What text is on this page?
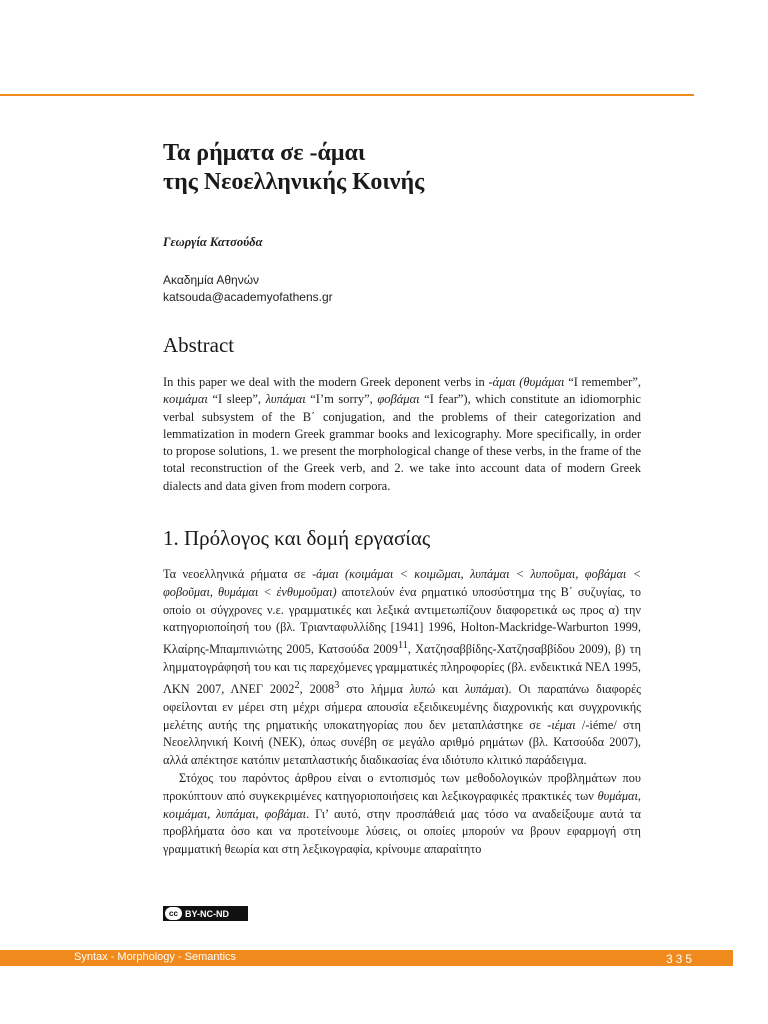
Τα ρήματα σε -άμαι
της Νεοελληνικής Κοινής
Γεωργία Κατσούδα
Ακαδημία Αθηνών
katsouda@academyofathens.gr
Abstract
In this paper we deal with the modern Greek deponent verbs in -άμαι (θυμάμαι “I remember”, κοιμάμαι “I sleep”, λυπάμαι “I’m sorry”, φοβάμαι “I fear”), which constitute an idiomorphic verbal subsystem of the B΄ conjugation, and the problems of their categorization and lemmatization in modern Greek grammar books and lexicography. More specifically, in order to propose solutions, 1. we present the morphological change of these verbs, in the frame of the total reconstruction of the Greek verb, and 2. we take into account data of modern Greek dialects and data given from modern corpora.
1. Πρόλογος και δομή εργασίας

Τα νεοελληνικά ρήματα σε -άμαι (κοιμάμαι < κοιμῶμαι, λυπάμαι < λυποῦμαι, φοβάμαι < φοβοῦμαι, θυμάμαι < ἐνθυμοῦμαι) αποτελούν ένα ρηματικό υποσύστημα της Β΄ συζυγίας, το οποίο οι σύγχρονες ν.ε. γραμματικές και λεξικά αντιμετωπίζουν διαφορετικά ως προς α) την κατηγοριοποίησή του (βλ. Τριανταφυλλίδης [1941] 1996, Holton-Mackridge-Warburton 1999, Κλαίρης-Μπαμπινιώτης 2005, Κατσούδα 2009$^{11}$, Χατζησαββίδης-Χατζησαββίδου 2009), β) τη λημματογράφησή του και τις παρεχόμενες γραμματικές πληροφορίες (βλ. ενδεικτικά ΝΕΛ 1995, ΛΚΝ 2007, ΛΝΕΓ 2002$^2$, 2008$^3$ στο λήμμα λυπώ και λυπάμαι). Οι παραπάνω διαφορές οφείλονται εν μέρει στη μέχρι σήμερα απουσία εξειδικευμένης διαχρονικής και συγχρονικής μελέτης αυτής της ρηματικής υποκατηγορίας που δεν μεταπλάστηκε σε -ιέμαι /-iéme/ στη Νεοελληνική Κοινή (ΝΕΚ), όπως συνέβη σε μεγάλο αριθμό ρημάτων (βλ. Κατσούδα 2007), αλλά απέκτησε κατόπιν μεταπλαστικής διαδικασίας ένα ιδιότυπο κλιτικό παράδειγμα.

Στόχος του παρόντος άρθρου είναι ο εντοπισμός των μεθοδολογικών προβλημάτων που προκύπτουν από συγκεκριμένες κατηγοριοποιήσεις και λεξικογραφικές πρακτικές των θυμάμαι, κοιμάμαι, λυπάμαι, φοβάμαι. Γι’ αυτό, στην προσπάθειά μας τόσο να αναδείξουμε αυτά τα προβλήματα όσο και να προτείνουμε λύσεις, οι οποίες μπορούν να βρουν εφαρμογή στη γραμματική θεωρία και στη λεξικογραφία, κρίνουμε απαραίτητο

cc BY-NC-ND
Syntax - Morphology - Semantics	335
